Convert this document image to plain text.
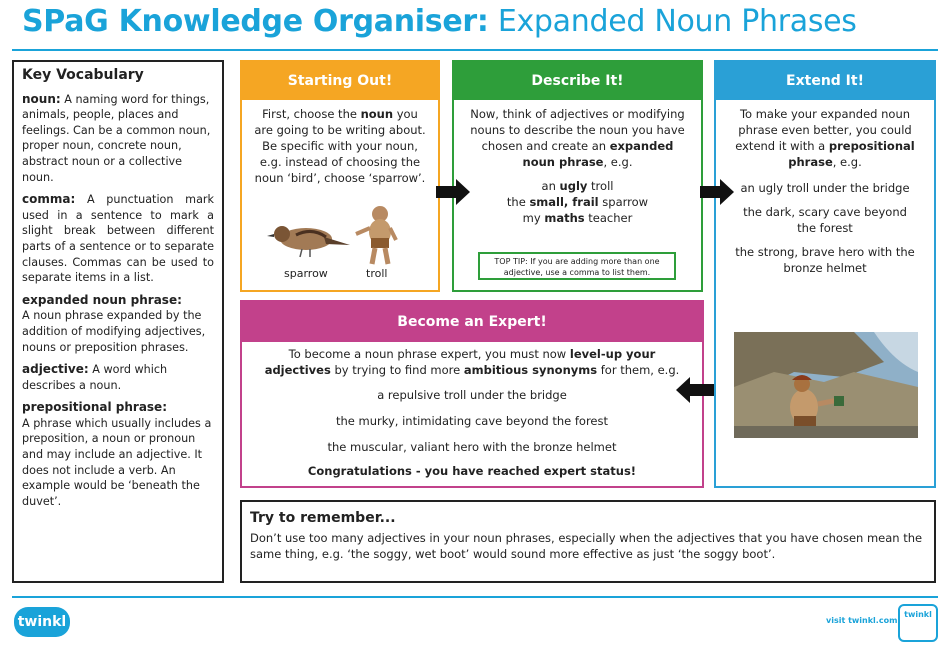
SPaG Knowledge Organiser: Expanded Noun Phrases
Key Vocabulary
noun: A naming word for things, animals, people, places and feelings. Can be a common noun, proper noun, concrete noun, abstract noun or a collective noun.
comma: A punctuation mark used in a sentence to mark a slight break between different parts of a sentence or to separate clauses. Commas can be used to separate items in a list.
expanded noun phrase:
A noun phrase expanded by the addition of modifying adjectives, nouns or preposition phrases.
adjective: A word which describes a noun.
prepositional phrase:
A phrase which usually includes a preposition, a noun or pronoun and may include an adjective. It does not include a verb. An example would be ‘beneath the duvet’.
Starting Out!
First, choose the noun you are going to be writing about. Be specific with your noun, e.g. instead of choosing the noun ‘bird’, choose ‘sparrow’.
sparrow	troll
Describe It!
Now, think of adjectives or modifying nouns to describe the noun you have chosen and create an expanded noun phrase, e.g.
an ugly troll
the small, frail sparrow
my maths teacher
TOP TIP: If you are adding more than one adjective, use a comma to list them.
Extend It!
To make your expanded noun phrase even better, you could extend it with a prepositional phrase, e.g.
an ugly troll under the bridge
the dark, scary cave beyond the forest
the strong, brave hero with the bronze helmet
Become an Expert!
To become a noun phrase expert, you must now level-up your adjectives by trying to find more ambitious synonyms for them, e.g.
a repulsive troll under the bridge
the murky, intimidating cave beyond the forest
the muscular, valiant hero with the bronze helmet
Congratulations - you have reached expert status!
Try to remember...

Don’t use too many adjectives in your noun phrases, especially when the adjectives that you have chosen mean the same thing, e.g. ‘the soggy, wet boot’ would sound more effective as just ‘the soggy boot’.

twinkl	visit twinkl.com
twinkl
